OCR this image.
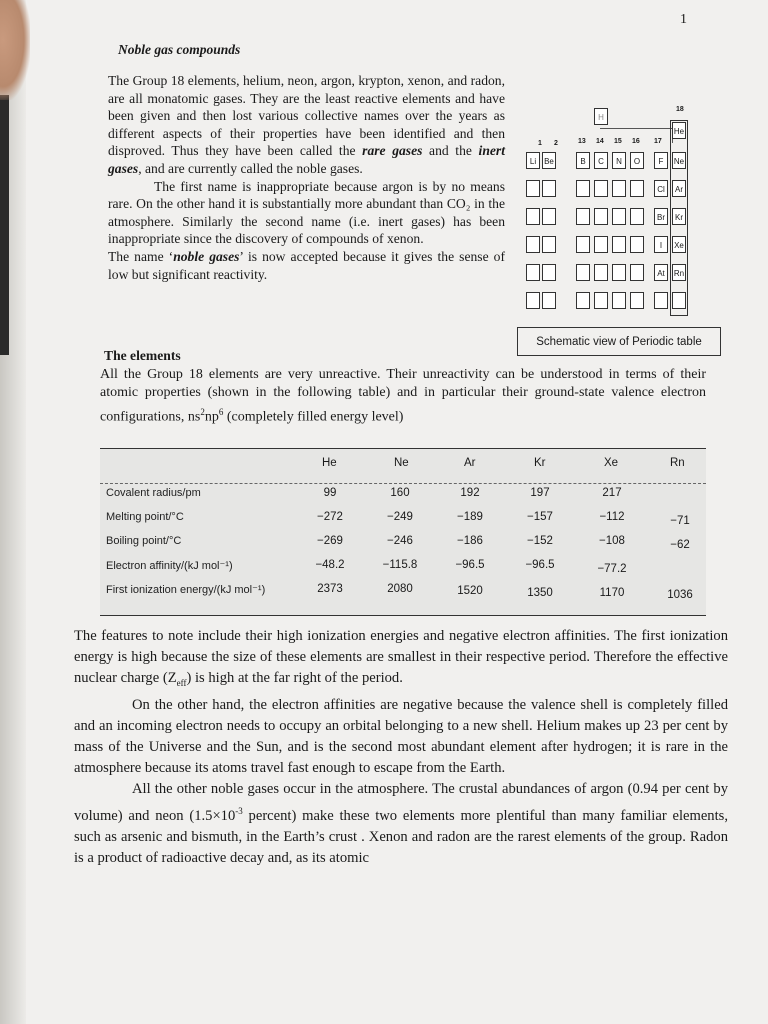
1
Noble gas compounds

The Group 18 elements, helium, neon, argon, krypton, xenon, and radon, are all monatomic gases. They are the least reactive elements and have been given and then lost various collective names over the years as different aspects of their properties have been identified and then disproved. Thus they have been called the rare gases and the inert gases, and are currently called the noble gases.

The first name is inappropriate because argon is by no means rare. On the other hand it is substantially more abundant than CO₂ in the atmosphere. Similarly the second name (i.e. inert gases) has been inappropriate since the discovery of compounds of xenon.

The name ‘noble gases’ is now accepted because it gives the sense of low but significant reactivity.

1 2	13 14 15 16 17
18
H
He
Li Be	B	C	N	O	F	Ne
Cl	Ar
Br	Kr
I	Xe
At	Rn
Schematic view of Periodic table
The elements
All the Group 18 elements are very unreactive. Their unreactivity can be understood in terms of their atomic properties (shown in the following table) and in particular their ground-state valence electron configurations, $ns^2np^6$ (completely filled energy level)
He	Ne	Ar	Kr	Xe	Rn
Covalent radius/pm	99	160	192	197	217
Melting point/°C	−272	−249	−189	−157	−112	−71
Boiling point/°C	−269	−246	−186	−152	−108	−62
Electron affinity/(kJ mol⁻¹)	−48.2	−115.8	−96.5	−96.5	−77.2
First ionization energy/(kJ mol⁻¹)	2373	2080	1520	1350	1170	1036

The features to note include their high ionization energies and negative electron affinities. The first ionization energy is high because the size of these elements are smallest in their respective period. Therefore the effective nuclear charge $(Z_{eff})$ is high at the far right of the period.

On the other hand, the electron affinities are negative because the valence shell is completely filled and an incoming electron needs to occupy an orbital belonging to a new shell. Helium makes up 23 per cent by mass of the Universe and the Sun, and is the second most abundant element after hydrogen; it is rare in the atmosphere because its atoms travel fast enough to escape from the Earth.

All the other noble gases occur in the atmosphere. The crustal abundances of argon (0.94 per cent by volume) and neon ($1.5\times 10^{-3}$ percent) make these two elements more plentiful than many familiar elements, such as arsenic and bismuth, in the Earth’s crust . Xenon and radon are the rarest elements of the group. Radon is a product of radioactive decay and, as its atomic
